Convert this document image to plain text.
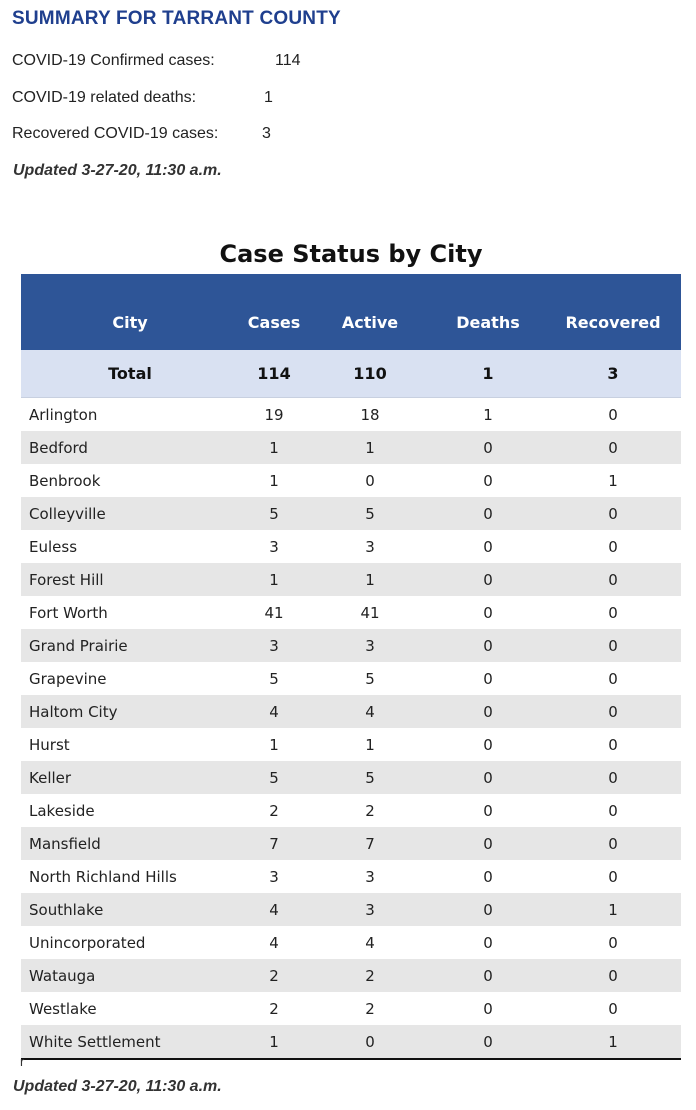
SUMMARY FOR TARRANT COUNTY
COVID-19 Confirmed cases:	114
COVID-19 related deaths:	1
Recovered COVID-19 cases:	3
Updated 3-27-20, 11:30 a.m.
Case Status by City
City	Cases	Active	Deaths	Recovered
Total	114	110	1	3
Arlington	19	18	1	0
Bedford	1	1	0	0
Benbrook	1	0	0	1
Colleyville	5	5	0	0
Euless	3	3	0	0
Forest Hill	1	1	0	0
Fort Worth	41	41	0	0
Grand Prairie	3	3	0	0
Grapevine	5	5	0	0
Haltom City	4	4	0	0
Hurst	1	1	0	0
Keller	5	5	0	0
Lakeside	2	2	0	0
Mansfield	7	7	0	0
North Richland Hills	3	3	0	0
Southlake	4	3	0	1
Unincorporated	4	4	0	0
Watauga	2	2	0	0
Westlake	2	2	0	0
White Settlement	1	0	0	1
r
Updated 3-27-20, 11:30 a.m.
